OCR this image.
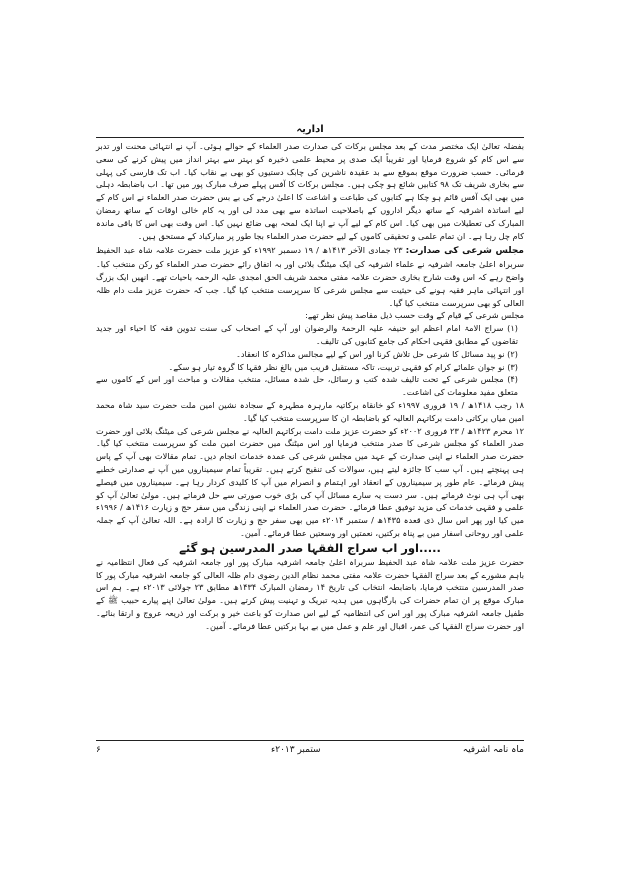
اداریہ

بفضلہ تعالیٰ ایک مختصر مدت کے بعد مجلس برکات کی صدارت صدر العلماء کے حوالے ہوئی۔ آپ نے انتہائی محنت اور تدبر سے اس کام کو شروع فرمایا اور تقریباً ایک صدی پر محیط علمی ذخیرہ کو بہتر سے بہتر انداز میں پیش کرنے کی سعی فرمائی۔ حسب ضرورت موقع بموقع سے بد عقیدہ ناشرین کی چابک دستیوں کو بھی بے نقاب کیا۔ اب تک فارسی کی پہلی سے بخاری شریف تک ۹۸ کتابیں شائع ہو چکی ہیں۔ مجلس برکات کا آفس پہلے صرف مبارک پور میں تھا۔ اب باضابطہ دہلی میں بھی ایک آفس قائم ہو چکا ہے کتابوں کی طباعت و اشاعت کا اعلیٰ درجے کی بے بس حضرت صدر العلماء نے اس کام کے لیے اساتذہ اشرفیہ کے ساتھ دیگر اداروں کے باصلاحیت اساتذہ سے بھی مدد لی اور یہ کام خالی اوقات کے ساتھ رمضان المبارک کی تعطیلات میں بھی کیا۔ اس کام کے لیے آپ نے اپنا ایک لمحہ بھی ضائع نہیں کیا۔ اس وقت بھی اس کا باقی ماندہ کام چل رہا ہے۔ ان تمام علمی و تحقیقی کاموں کے لیے حضرت صدر العلماء بجا طور پر مبارکباد کے مستحق ہیں۔

مجلس شرعی کی صدارت: ۲۳ جمادی الآخر ۱۴۱۳ھ / ۱۹ دسمبر ۱۹۹۲ء کو عزیز ملت حضرت علامہ شاہ عبد الحفیظ سربراہ اعلیٰ جامعہ اشرفیہ نے علماء اشرفیہ کی ایک میٹنگ بلائی اور بہ اتفاق رائے حضرت صدر العلماء کو رکن منتخب کیا۔ واضح رہے کہ اس وقت شارح بخاری حضرت علامہ مفتی محمد شریف الحق امجدی علیہ الرحمہ باحیات تھے۔ انھیں ایک بزرگ اور انتہائی ماہر فقیہ ہونے کی حیثیت سے مجلس شرعی کا سرپرست منتخب کیا گیا۔ جب کہ حضرت عزیز ملت دام ظلہ العالی کو بھی سرپرست منتخب کیا گیا۔

مجلس شرعی کے قیام کے وقت حسب ذیل مقاصد پیش نظر تھے:

(۱) سراج الامۃ امام اعظم ابو حنیفہ علیہ الرحمۃ والرضوان اور آپ کے اصحاب کی سنت تدوین فقہ کا احیاء اور جدید تقاضوں کے مطابق فقہی احکام کی جامع کتابوں کی تالیف۔
(۲) نو پید مسائل کا شرعی حل تلاش کرنا اور اس کے لیے مجالس مذاکرہ کا انعقاد۔
(۳) نو جوان علمائے کرام کو فقہی تربیت، تاکہ مستقبل قریب میں بالغ نظر فقہا کا گروہ تیار ہو سکے۔
(۴) مجلس شرعی کے تحت تالیف شدہ کتب و رسائل، حل شدہ مسائل، منتخب مقالات و مباحث اور اس کے کاموں سے متعلق مفید معلومات کی اشاعت۔

۱۸ رجب ۱۴۱۸ھ / ۱۹ فروری ۱۹۹۷ء کو خانقاہ برکاتیہ مارہرہ مطہرہ کے سجادہ نشین امین ملت حضرت سید شاہ محمد امین میاں برکاتی دامت برکاتہم العالیہ کو باضابطہ ان کا سرپرست منتخب کیا گیا۔

۱۲ محرم ۱۴۲۳ھ / ۲۳ فروری ۲۰۰۲ء کو حضرت عزیز ملت دامت برکاتہم العالیہ نے مجلس شرعی کی میٹنگ بلائی اور حضرت صدر العلماء کو مجلس شرعی کا صدر منتخب فرمایا اور اس میٹنگ میں حضرت امین ملت کو سرپرست منتخب کیا گیا۔ حضرت صدر العلماء نے اپنی صدارت کے عہد میں مجلس شرعی کی عمدہ خدمات انجام دیں۔ تمام مقالات بھی آپ کے پاس ہی پہنچتے ہیں۔ آپ سب کا جائزہ لیتے ہیں، سوالات کی تنقیح کرتے ہیں۔ تقریباً تمام سیمیناروں میں آپ نے صدارتی خطبے پیش فرمائے۔ عام طور پر سیمیناروں کے انعقاد اور اہتمام و انصرام میں آپ کا کلیدی کردار رہا ہے۔ سیمیناروں میں فیصلے بھی آپ ہی نوٹ فرماتے ہیں۔ سر دست یہ سارے مسائل آپ کی بڑی خوب صورتی سے حل فرماتے ہیں۔ مولیٰ تعالیٰ آپ کو علمی و فقہی خدمات کی مزید توفیق عطا فرمائے۔ حضرت صدر العلماء نے اپنی زندگی میں سفر حج و زیارت ۱۴۱۶ھ / ۱۹۹۶ء میں کیا اور پھر اس سال ذی قعدہ ۱۴۳۵ھ / ستمبر ۲۰۱۴ء میں بھی سفر حج و زیارت کا ارادہ ہے۔ اللہ تعالیٰ آپ کے جملہ علمی اور روحانی اسفار میں بے پناہ برکتیں، نعمتیں اور وسعتیں عطا فرمائے۔ آمین۔

.....اور اب سراج الفقہا صدر المدرسین ہو گئے

حضرت عزیز ملت علامہ شاہ عبد الحفیظ سربراہ اعلیٰ جامعہ اشرفیہ مبارک پور اور جامعہ اشرفیہ کی فعال انتظامیہ نے باہم مشورے کے بعد سراج الفقہا حضرت علامہ مفتی محمد نظام الدین رضوی دام ظلہ العالی کو جامعہ اشرفیہ مبارک پور کا صدر المدرسین منتخب فرمایا، باضابطہ انتخاب کی تاریخ ۱۴ رمضان المبارک ۱۴۳۴ھ مطابق ۲۳ جولائی ۲۰۱۳ء ہے۔ ہم اس مبارک موقع پر ان تمام حضرات کی بارگاہوں میں ہدیہ تبریک و تہنیت پیش کرتے ہیں۔ مولیٰ تعالیٰ اپنے پیارے حبیب ﷺ کے طفیل جامعہ اشرفیہ مبارک پور اور اس کی انتظامیہ کے لیے اس صدارت کو باعث خیر و برکت اور ذریعہ عروج و ارتقا بنائے۔ اور حضرت سراج الفقہا کی عمر، اقبال اور علم و عمل میں بے بہا برکتیں عطا فرمائے۔ آمین۔

۶	ستمبر ۲۰۱۳ء	ماہ نامہ اشرفیہ
